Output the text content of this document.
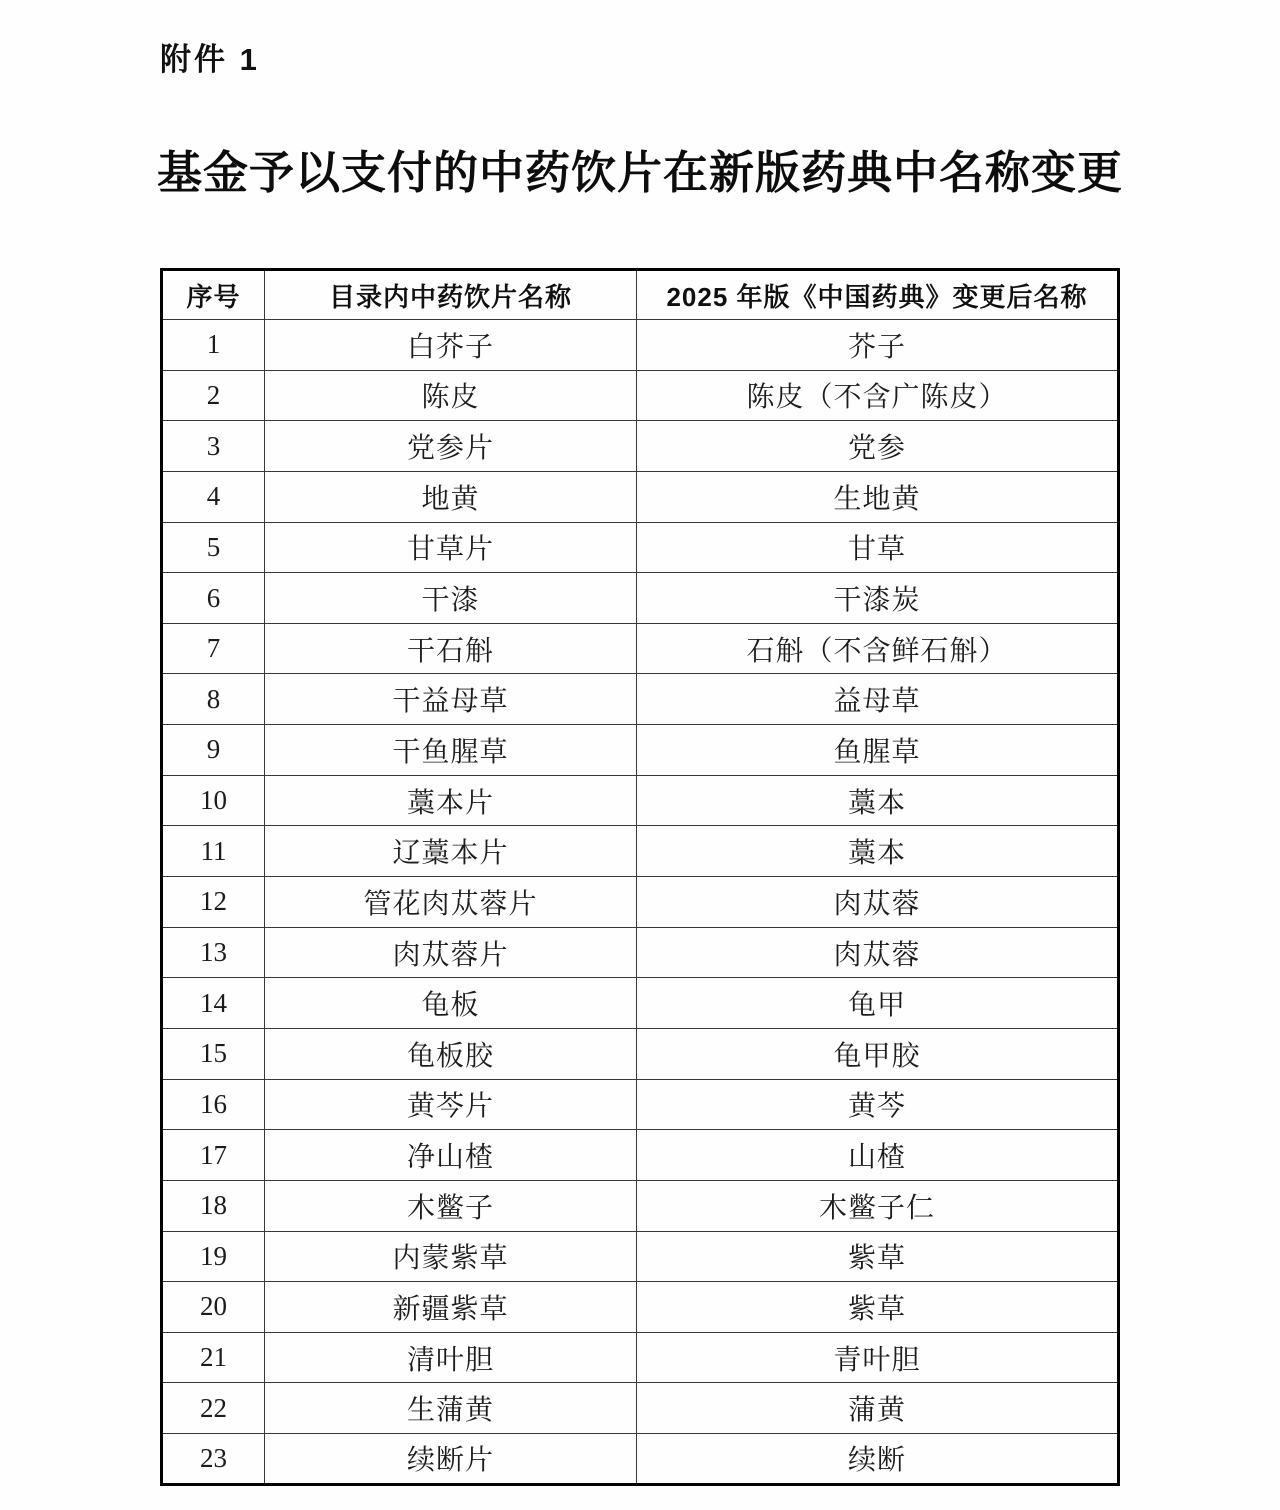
附件 1
基金予以支付的中药饮片在新版药典中名称变更
序号	目录内中药饮片名称	2025 年版《中国药典》变更后名称
1	白芥子	芥子
2	陈皮	陈皮（不含广陈皮）
3	党参片	党参
4	地黄	生地黄
5	甘草片	甘草
6	干漆	干漆炭
7	干石斛	石斛（不含鲜石斛）
8	干益母草	益母草
9	干鱼腥草	鱼腥草
10	藁本片	藁本
11	辽藁本片	藁本
12	管花肉苁蓉片	肉苁蓉
13	肉苁蓉片	肉苁蓉
14	龟板	龟甲
15	龟板胶	龟甲胶
16	黄芩片	黄芩
17	净山楂	山楂
18	木鳖子	木鳖子仁
19	内蒙紫草	紫草
20	新疆紫草	紫草
21	清叶胆	青叶胆
22	生蒲黄	蒲黄
23	续断片	续断
